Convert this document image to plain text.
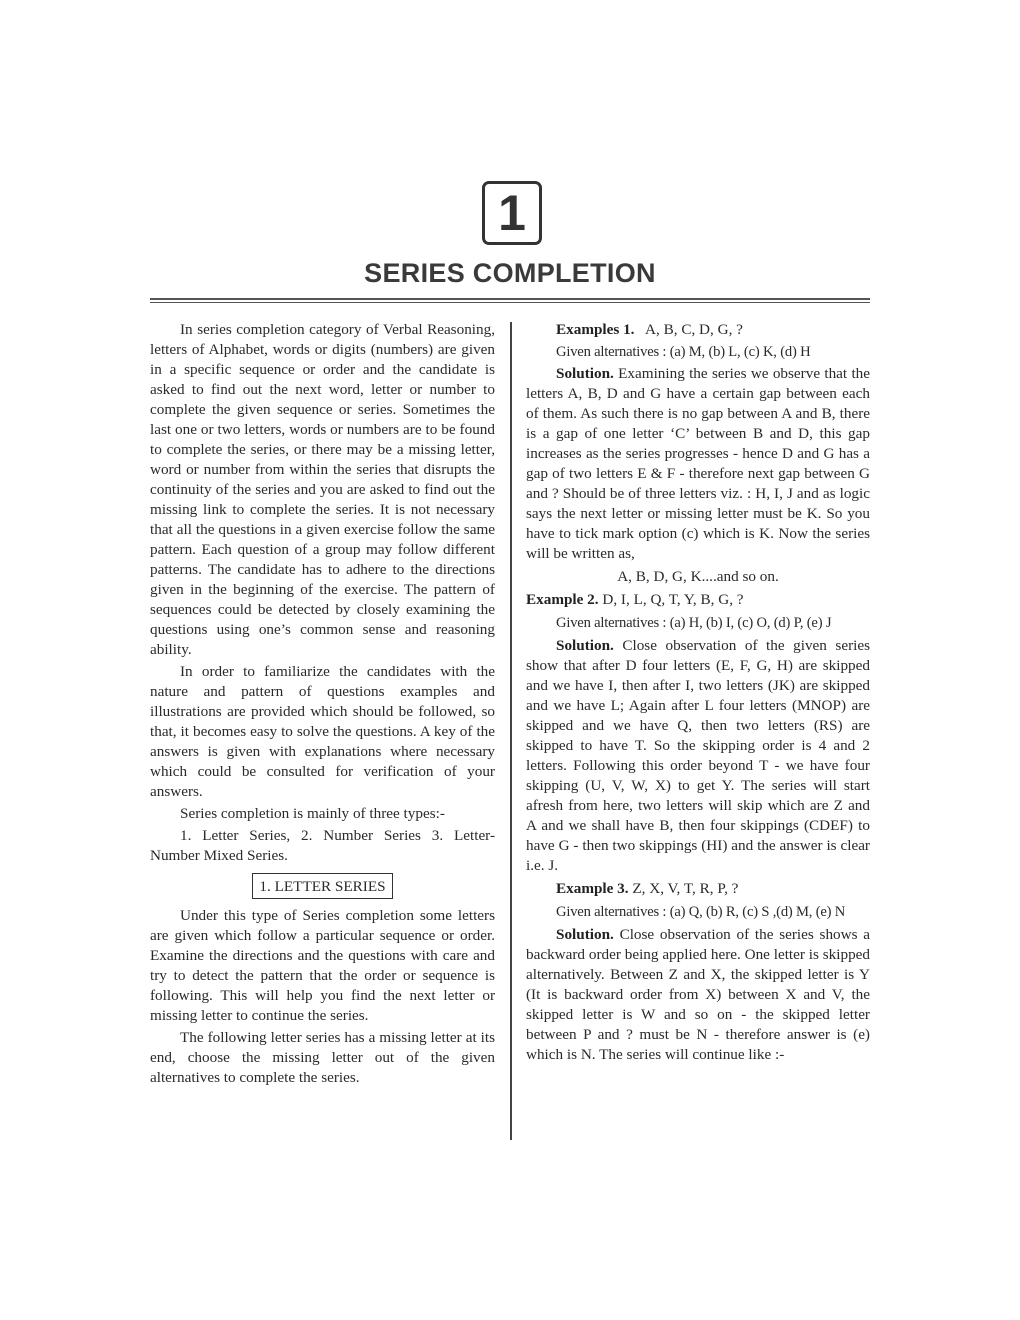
1
SERIES COMPLETION

In series completion category of Verbal Reasoning, letters of Alphabet, words or digits (numbers) are given in a specific sequence or order and the candidate is asked to find out the next word, letter or number to complete the given sequence or series. Sometimes the last one or two letters, words or numbers are to be found to complete the series, or there may be a missing letter, word or number from within the series that disrupts the continuity of the series and you are asked to find out the missing link to complete the series. It is not necessary that all the questions in a given exercise follow the same pattern. Each question of a group may follow different patterns. The candidate has to adhere to the directions given in the beginning of the exercise. The pattern of sequences could be detected by closely examining the questions using one’s common sense and reasoning ability.

In order to familiarize the candidates with the nature and pattern of questions examples and illustrations are provided which should be followed, so that, it becomes easy to solve the questions. A key of the answers is given with explanations where necessary which could be consulted for verification of your answers.

Series completion is mainly of three types:-

1. Letter Series, 2. Number Series 3. Letter-Number Mixed Series.

1. LETTER SERIES

Under this type of Series completion some letters are given which follow a particular sequence or order. Examine the directions and the questions with care and try to detect the pattern that the order or sequence is following. This will help you find the next letter or missing letter to continue the series.

The following letter series has a missing letter at its end, choose the missing letter out of the given alternatives to complete the series.

Examples 1. A, B, C, D, G, ?

Given alternatives : (a) M, (b) L, (c) K, (d) H

Solution. Examining the series we observe that the letters A, B, D and G have a certain gap between each of them. As such there is no gap between A and B, there is a gap of one letter ‘C’ between B and D, this gap increases as the series progresses - hence D and G has a gap of two letters E & F - therefore next gap between G and ? Should be of three letters viz. : H, I, J and as logic says the next letter or missing letter must be K. So you have to tick mark option (c) which is K. Now the series will be written as,

A, B, D, G, K....and so on.

Example 2. D, I, L, Q, T, Y, B, G, ?

Given alternatives : (a) H, (b) I, (c) O, (d) P, (e) J

Solution. Close observation of the given series show that after D four letters (E, F, G, H) are skipped and we have I, then after I, two letters (JK) are skipped and we have L; Again after L four letters (MNOP) are skipped and we have Q, then two letters (RS) are skipped to have T. So the skipping order is 4 and 2 letters. Following this order beyond T - we have four skipping (U, V, W, X) to get Y. The series will start afresh from here, two letters will skip which are Z and A and we shall have B, then four skippings (CDEF) to have G - then two skippings (HI) and the answer is clear i.e. J.

Example 3. Z, X, V, T, R, P, ?

Given alternatives : (a) Q, (b) R, (c) S ,(d) M, (e) N

Solution. Close observation of the series shows a backward order being applied here. One letter is skipped alternatively. Between Z and X, the skipped letter is Y (It is backward order from X) between X and V, the skipped letter is W and so on - the skipped letter between P and ? must be N - therefore answer is (e) which is N. The series will continue like :-
